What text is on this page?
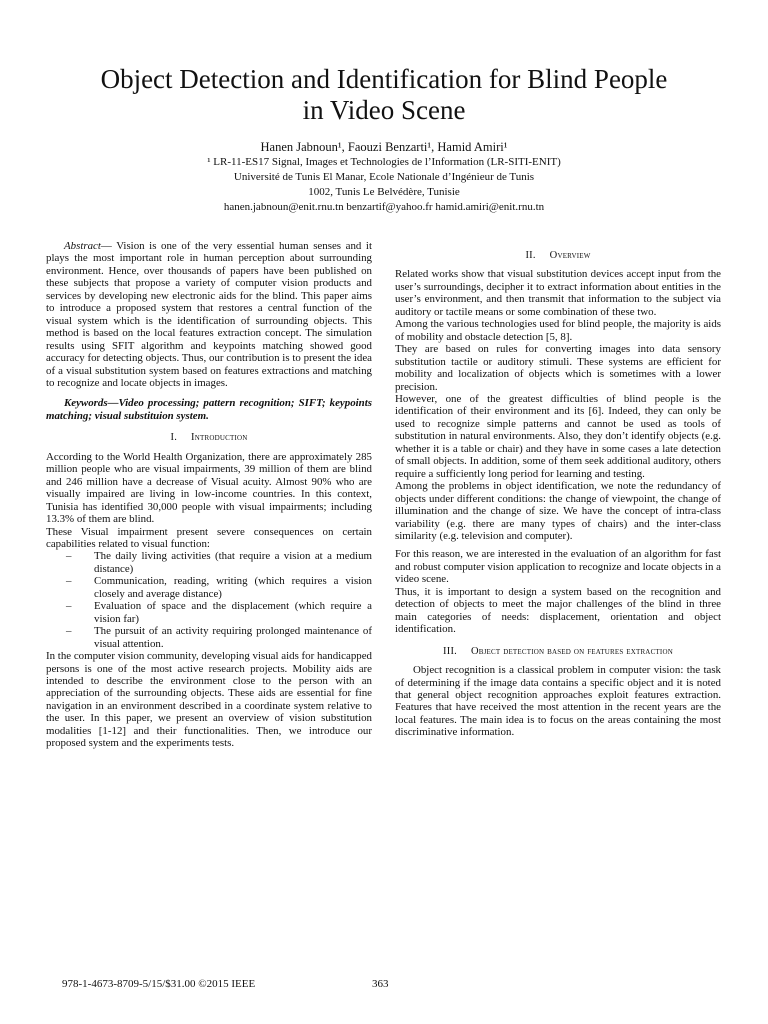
Object Detection and Identification for Blind People
in Video Scene
Hanen Jabnoun¹, Faouzi Benzarti¹, Hamid Amiri¹
¹ LR-11-ES17 Signal, Images et Technologies de l’Information (LR-SITI-ENIT)
Université de Tunis El Manar, Ecole Nationale d’Ingénieur de Tunis
1002, Tunis Le Belvédère, Tunisie
hanen.jabnoun@enit.rnu.tn benzartif@yahoo.fr hamid.amiri@enit.rnu.tn

Abstract— Vision is one of the very essential human senses and it plays the most important role in human perception about surrounding environment. Hence, over thousands of papers have been published on these subjects that propose a variety of computer vision products and services by developing new electronic aids for the blind. This paper aims to introduce a proposed system that restores a central function of the visual system which is the identification of surrounding objects. This method is based on the local features extraction concept. The simulation results using SFIT algorithm and keypoints matching showed good accuracy for detecting objects. Thus, our contribution is to present the idea of a visual substitution system based on features extractions and matching to recognize and locate objects in images.

Keywords—Video processing; pattern recognition; SIFT; keypoints matching; visual substituion system.

I. Introduction

According to the World Health Organization, there are approximately 285 million people who are visual impairments, 39 million of them are blind and 246 million have a decrease of Visual acuity. Almost 90% who are visually impaired are living in low-income countries. In this context, Tunisia has identified 30,000 people with visual impairments; including 13.3% of them are blind.

These Visual impairment present severe consequences on certain capabilities related to visual function:

– The daily living activities (that require a vision at a medium distance)
– Communication, reading, writing (which requires a vision closely and average distance)
– Evaluation of space and the displacement (which require a vision far)
– The pursuit of an activity requiring prolonged maintenance of visual attention.

In the computer vision community, developing visual aids for handicapped persons is one of the most active research projects. Mobility aids are intended to describe the environment close to the person with an appreciation of the surrounding objects. These aids are essential for fine navigation in an environment described in a coordinate system relative to the user. In this paper, we present an overview of vision substitution modalities [1-12] and their functionalities. Then, we introduce our proposed system and the experiments tests.

II. Overview

Related works show that visual substitution devices accept input from the user’s surroundings, decipher it to extract information about entities in the user’s environment, and then transmit that information to the subject via auditory or tactile means or some combination of these two.

Among the various technologies used for blind people, the majority is aids of mobility and obstacle detection [5, 8].

They are based on rules for converting images into data sensory substitution tactile or auditory stimuli. These systems are efficient for mobility and localization of objects which is sometimes with a lower precision.

However, one of the greatest difficulties of blind people is the identification of their environment and its [6]. Indeed, they can only be used to recognize simple patterns and cannot be used as tools of substitution in natural environments. Also, they don’t identify objects (e.g. whether it is a table or chair) and they have in some cases a late detection of small objects. In addition, some of them seek additional auditory, others require a sufficiently long period for learning and testing.

Among the problems in object identification, we note the redundancy of objects under different conditions: the change of viewpoint, the change of illumination and the change of size. We have the concept of intra-class variability (e.g. there are many types of chairs) and the inter-class similarity (e.g. television and computer).

For this reason, we are interested in the evaluation of an algorithm for fast and robust computer vision application to recognize and locate objects in a video scene.

Thus, it is important to design a system based on the recognition and detection of objects to meet the major challenges of the blind in three main categories of needs: displacement, orientation and object identification.

III. Object detection based on features extraction

Object recognition is a classical problem in computer vision: the task of determining if the image data contains a specific object and it is noted that general object recognition approaches exploit features extraction. Features that have received the most attention in the recent years are the local features. The main idea is to focus on the areas containing the most discriminative information.

978-1-4673-8709-5/15/$31.00 ©2015 IEEE	363
